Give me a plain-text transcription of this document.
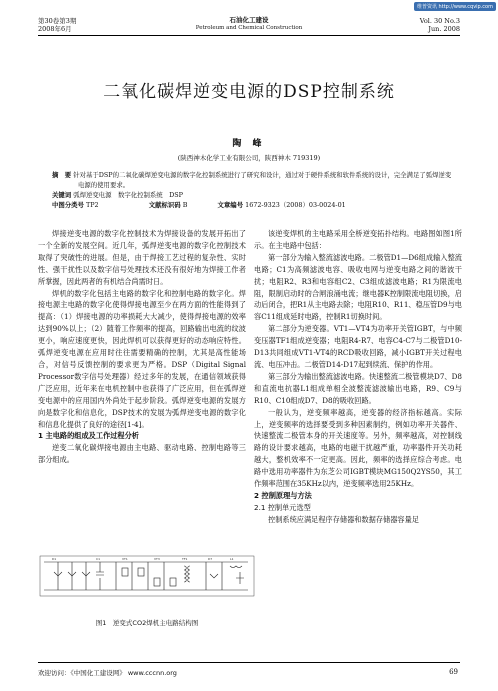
维普资讯 http://www.cqvip.com
第30卷第3期
2008年6月
石油化工建设
Petroleum and Chemical Construction
Vol. 30 No.3
Jun. 2008
二氧化碳焊逆变电源的DSP控制系统
陶 峰
(陕西神木化学工业有限公司，陕西神木 719319)
摘　要 针对基于DSP的二氧化碳焊逆变电源的数字化控制系统进行了研究和设计，通过对于硬件系统和软件系统的设计，完全满足了弧焊逆变电源的使用要求。
关键词 弧焊逆变电源　数字化控制系统　DSP
中图分类号 TP2	文献标识码 B	文章编号 1672-9323（2008）03-0024-01

焊接逆变电源的数字化控制技术为焊接设备的发展开拓出了一个全新的发展空间。近几年，弧焊逆变电源的数字化控制技术取得了突破性的进展。但是，由于焊接工艺过程的复杂性、实时性、强干扰性以及数字信号处理技术还没有很好地为焊接工作者所掌握，因此两者的有机结合尚需时日。

焊机的数字化包括主电路的数字化和控制电路的数字化。焊接电源主电路的数字化使得焊接电源至少在两方面的性能得到了提高：（1）焊接电源的功率损耗大大减少，使得焊接电源的效率达到90%以上；（2）随着工作频率的提高，回路输出电流的纹波更小，响应速度更快，因此焊机可以获得更好的动态响应特性。弧焊逆变电源在应用时往往需要精确的控制，尤其是高性能场合，对信号反馈控制的要求更为严格。DSP（Digital Signal Processor数字信号处理器）经过多年的发展，在通信领域获得广泛应用，近年来在电机控制中也获得了广泛应用，但在弧焊逆变电源中的应用国内外尚处于起步阶段。弧焊逆变电源的发展方向是数字化和信息化，DSP技术的发展为弧焊逆变电源的数字化和信息化提供了良好的途径[1-4]。

1 主电路的组成及工作过程分析

逆变二氧化碳焊接电源由主电路、驱动电路、控制电路等三部分组成。

D1	C1	VT1	VT3	TF1	D7	L1
图1　逆变式CO2焊机主电路结构图

该逆变焊机的主电路采用全桥逆变拓扑结构。电路图如图1所示。在主电路中包括：

第一部分为输入整流滤波电路。二极管D1—D6组成输入整流电路；C1为高频滤波电容、吸收电网与逆变电路之间的谐波干扰；电阻R2、R3和电容组C2、C3组成滤波电路；R1为限流电阻，限制启动时的合闸浪涌电流；继电器K控制限流电阻切换，启动后闭合，把R1从主电路去除；电阻R10、R11、稳压管D9与电容C11组成延时电路，控制R1切换时间。

第二部分为逆变器。VT1—VT4为功率开关管IGBT，与中频变压器TF1组成逆变器；电阻R4-R7、电容C4-C7与二极管D10-D13共同组成VT1-VT4的RCD吸收回路，减小IGBT开关过程电流、电压冲击。二极管D14-D17起到续流、保护的作用。

第三部分为输出整流滤波电路。快速整流二极管模块D7、D8和直流电抗器L1组成单相全波整流滤波输出电路，R9、C9与R10、C10组成D7、D8的吸收回路。

一般认为，逆变频率越高，逆变器的经济指标越高。实际上，逆变频率的选择要受到多种因素制约，例如功率开关器件、快速整流二极管本身的开关速度等。另外，频率越高，对控制线路的设计要求越高，电路的电磁干扰越严重，功率器件开关功耗越大，整机效率不一定更高。因此，频率的选择应综合考虑。电路中选用功率器件为东芝公司IGBT模块MG150Q2YS50，其工作频率范围在35KHz以内，逆变频率选用25KHz。

2 控制原理与方法

2.1 控制单元选型

控制系统应满足程序存储器和数据存储器容量足

欢迎访问：《中国化工建设网》 www.cccnn.org	69
